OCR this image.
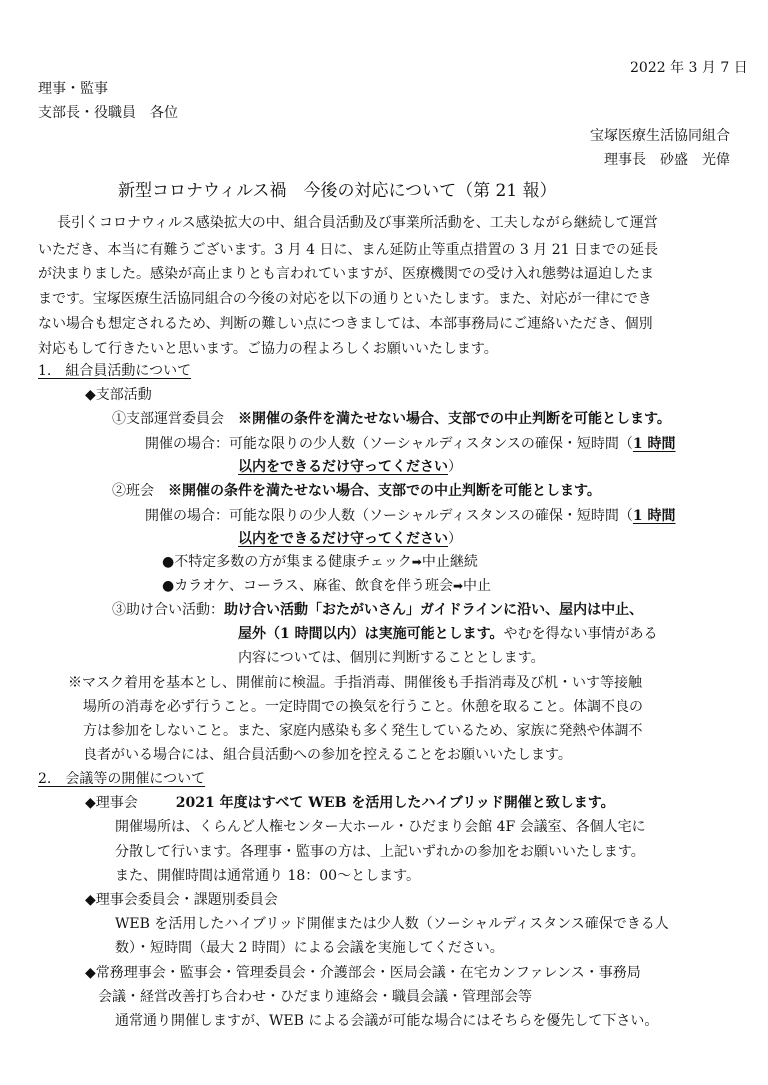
2022 年 3 月 7 日
理事・監事
支部長・役職員　各位
宝塚医療生活協同組合
理事長　砂盛　光偉
新型コロナウィルス禍　今後の対応について（第 21 報）
長引くコロナウィルス感染拡大の中、組合員活動及び事業所活動を、工夫しながら継続して運営
いただき、本当に有難うございます。3 月 4 日に、まん延防止等重点措置の 3 月 21 日までの延長
が決まりました。感染が高止まりとも言われていますが、医療機関での受け入れ態勢は逼迫したま
まです。宝塚医療生活協同組合の今後の対応を以下の通りといたします。また、対応が一律にでき
ない場合も想定されるため、判断の難しい点につきましては、本部事務局にご連絡いただき、個別
対応もして行きたいと思います。ご協力の程よろしくお願いいたします。
1.　組合員活動について
◆支部活動
①支部運営委員会　※開催の条件を満たせない場合、支部での中止判断を可能とします。
開催の場合：可能な限りの少人数（ソーシャルディスタンスの確保・短時間（1 時間
以内をできるだけ守ってください）
②班会　※開催の条件を満たせない場合、支部での中止判断を可能とします。
開催の場合：可能な限りの少人数（ソーシャルディスタンスの確保・短時間（1 時間
以内をできるだけ守ってください）
●不特定多数の方が集まる健康チェック➡中止継続
●カラオケ、コーラス、麻雀、飲食を伴う班会➡中止
③助け合い活動：助け合い活動「おたがいさん」ガイドラインに沿い、屋内は中止、
屋外（1 時間以内）は実施可能とします。やむを得ない事情がある
内容については、個別に判断することとします。
※マスク着用を基本とし、開催前に検温。手指消毒、開催後も手指消毒及び机・いす等接触
場所の消毒を必ず行うこと。一定時間での換気を行うこと。休憩を取ること。体調不良の
方は参加をしないこと。また、家庭内感染も多く発生しているため、家族に発熱や体調不
良者がいる場合には、組合員活動への参加を控えることをお願いいたします。
2.　会議等の開催について
◆理事会	2021 年度はすべて WEB を活用したハイブリッド開催と致します。
開催場所は、くらんど人権センター大ホール・ひだまり会館 4F 会議室、各個人宅に
分散して行います。各理事・監事の方は、上記いずれかの参加をお願いいたします。
また、開催時間は通常通り 18：00〜とします。
◆理事会委員会・課題別委員会
WEB を活用したハイブリッド開催または少人数（ソーシャルディスタンス確保できる人
数）・短時間（最大 2 時間）による会議を実施してください。
◆常務理事会・監事会・管理委員会・介護部会・医局会議・在宅カンファレンス・事務局
会議・経営改善打ち合わせ・ひだまり連絡会・職員会議・管理部会等
通常通り開催しますが、WEB による会議が可能な場合にはそちらを優先して下さい。
